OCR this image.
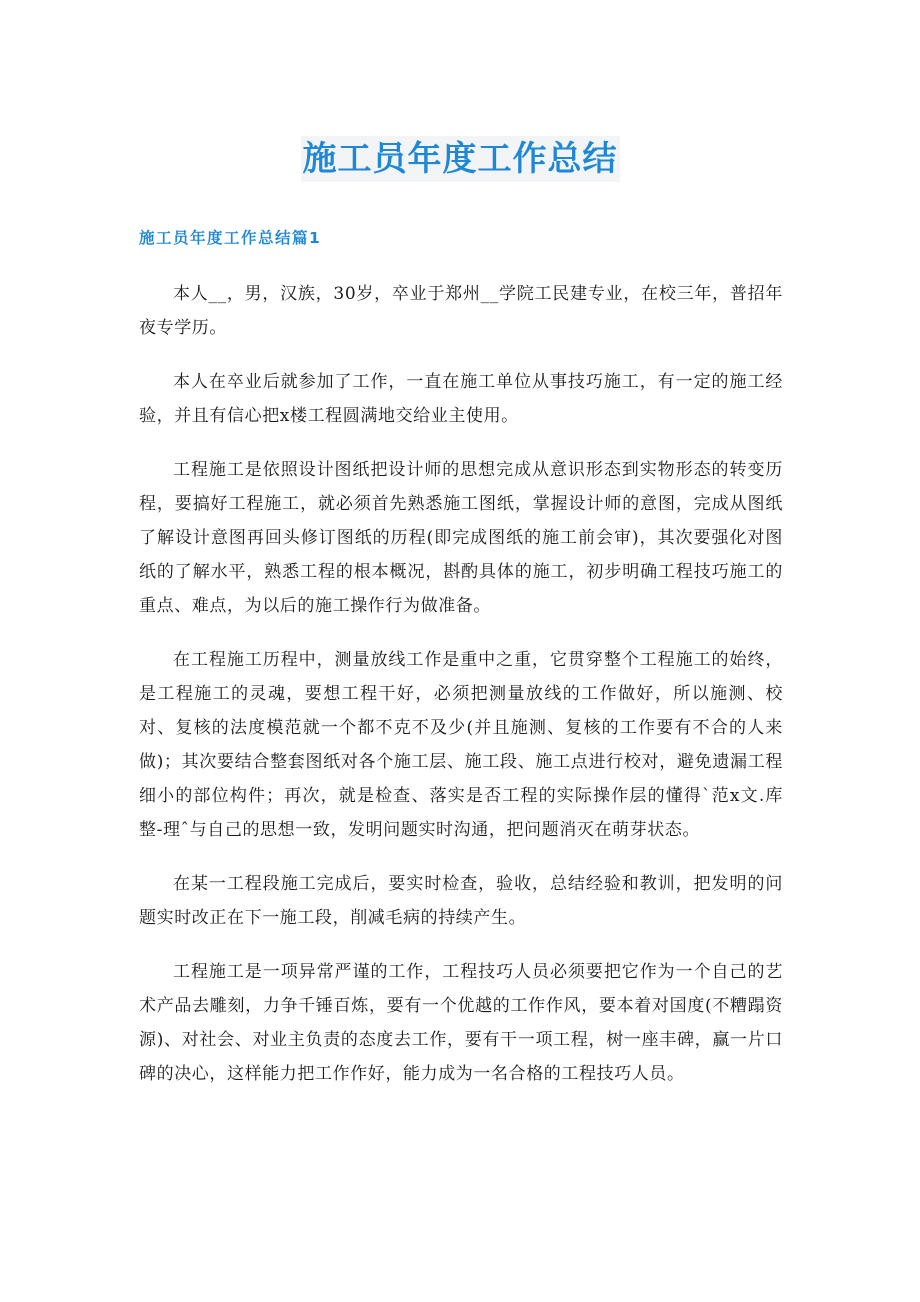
施工员年度工作总结
施工员年度工作总结篇1

本人__，男，汉族，30岁，卒业于郑州__学院工民建专业，在校三年，普招年夜专学历。

本人在卒业后就参加了工作，一直在施工单位从事技巧施工，有一定的施工经验，并且有信心把x楼工程圆满地交给业主使用。

工程施工是依照设计图纸把设计师的思想完成从意识形态到实物形态的转变历程，要搞好工程施工，就必须首先熟悉施工图纸，掌握设计师的意图，完成从图纸了解设计意图再回头修订图纸的历程(即完成图纸的施工前会审)，其次要强化对图纸的了解水平，熟悉工程的根本概况，斟酌具体的施工，初步明确工程技巧施工的重点、难点，为以后的施工操作行为做准备。

在工程施工历程中，测量放线工作是重中之重，它贯穿整个工程施工的始终，是工程施工的灵魂，要想工程干好，必须把测量放线的工作做好，所以施测、校对、复核的法度模范就一个都不克不及少(并且施测、复核的工作要有不合的人来做)；其次要结合整套图纸对各个施工层、施工段、施工点进行校对，避免遗漏工程细小的部位构件；再次，就是检查、落实是否工程的实际操作层的懂得`范x文.库整-理ˆ与自己的思想一致，发明问题实时沟通，把问题消灭在萌芽状态。

在某一工程段施工完成后，要实时检查，验收，总结经验和教训，把发明的问题实时改正在下一施工段，削减毛病的持续产生。

工程施工是一项异常严谨的工作，工程技巧人员必须要把它作为一个自己的艺术产品去雕刻，力争千锤百炼，要有一个优越的工作作风，要本着对国度(不糟蹋资源)、对社会、对业主负责的态度去工作，要有干一项工程，树一座丰碑，赢一片口碑的决心，这样能力把工作作好，能力成为一名合格的工程技巧人员。
